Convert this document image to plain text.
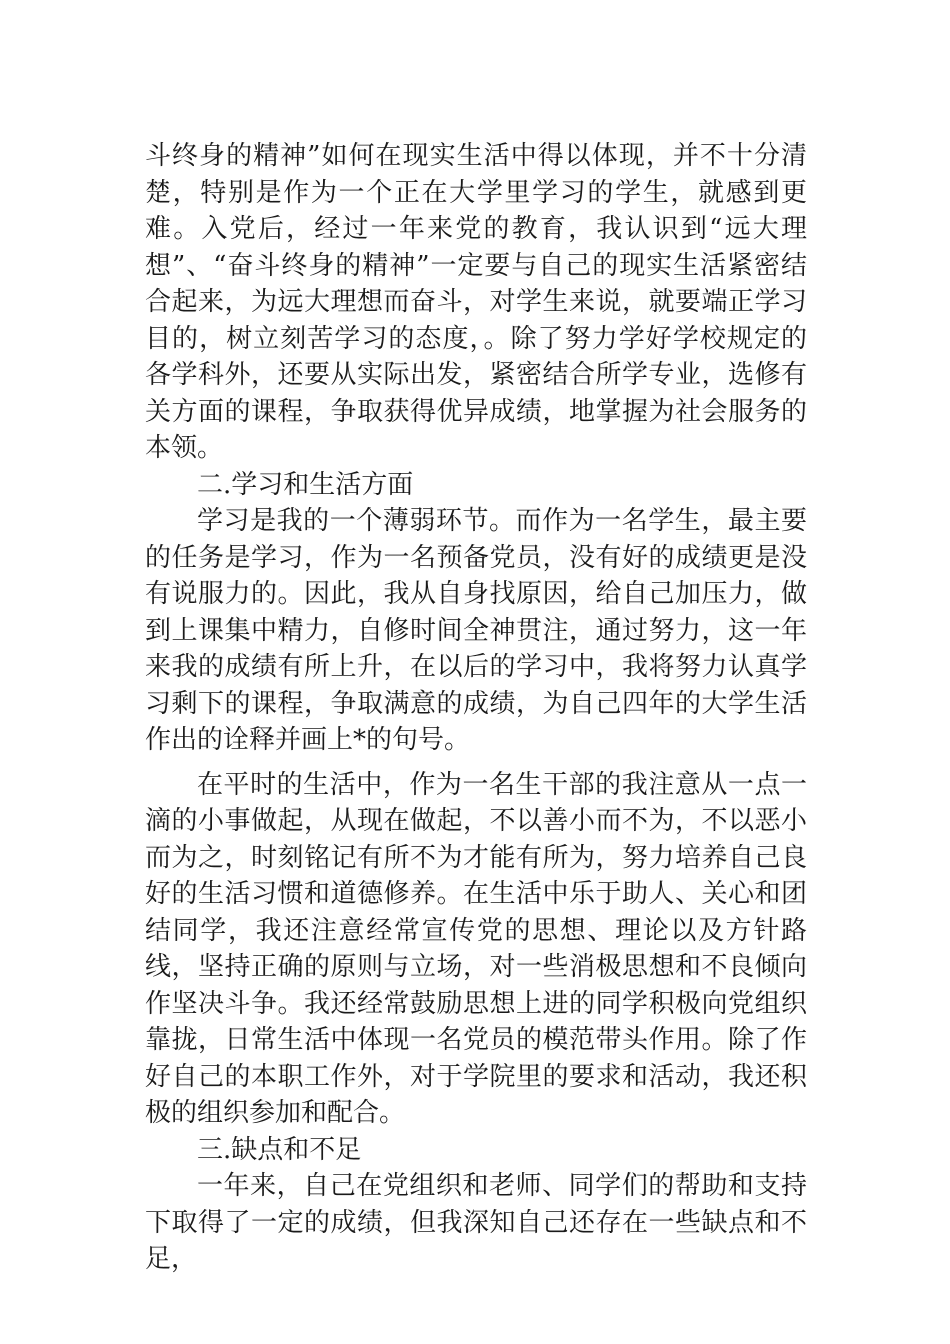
斗终身的精神”如何在现实生活中得以体现，并不十分清楚，特别是作为一个正在大学里学习的学生，就感到更难。入党后，经过一年来党的教育，我认识到“远大理想”、“奋斗终身的精神”一定要与自己的现实生活紧密结合起来，为远大理想而奋斗，对学生来说，就要端正学习目的，树立刻苦学习的态度，。除了努力学好学校规定的各学科外，还要从实际出发，紧密结合所学专业，选修有关方面的课程，争取获得优异成绩，地掌握为社会服务的本领。

二.学习和生活方面

学习是我的一个薄弱环节。而作为一名学生，最主要的任务是学习，作为一名预备党员，没有好的成绩更是没有说服力的。因此，我从自身找原因，给自己加压力，做到上课集中精力，自修时间全神贯注，通过努力，这一年来我的成绩有所上升，在以后的学习中，我将努力认真学习剩下的课程，争取满意的成绩，为自己四年的大学生活作出的诠释并画上*的句号。

在平时的生活中，作为一名生干部的我注意从一点一滴的小事做起，从现在做起，不以善小而不为，不以恶小而为之，时刻铭记有所不为才能有所为，努力培养自己良好的生活习惯和道德修养。在生活中乐于助人、关心和团结同学，我还注意经常宣传党的思想、理论以及方针路线，坚持正确的原则与立场，对一些消极思想和不良倾向作坚决斗争。我还经常鼓励思想上进的同学积极向党组织靠拢，日常生活中体现一名党员的模范带头作用。除了作好自己的本职工作外，对于学院里的要求和活动，我还积极的组织参加和配合。

三.缺点和不足

一年来，自己在党组织和老师、同学们的帮助和支持下取得了一定的成绩，但我深知自己还存在一些缺点和不足，
